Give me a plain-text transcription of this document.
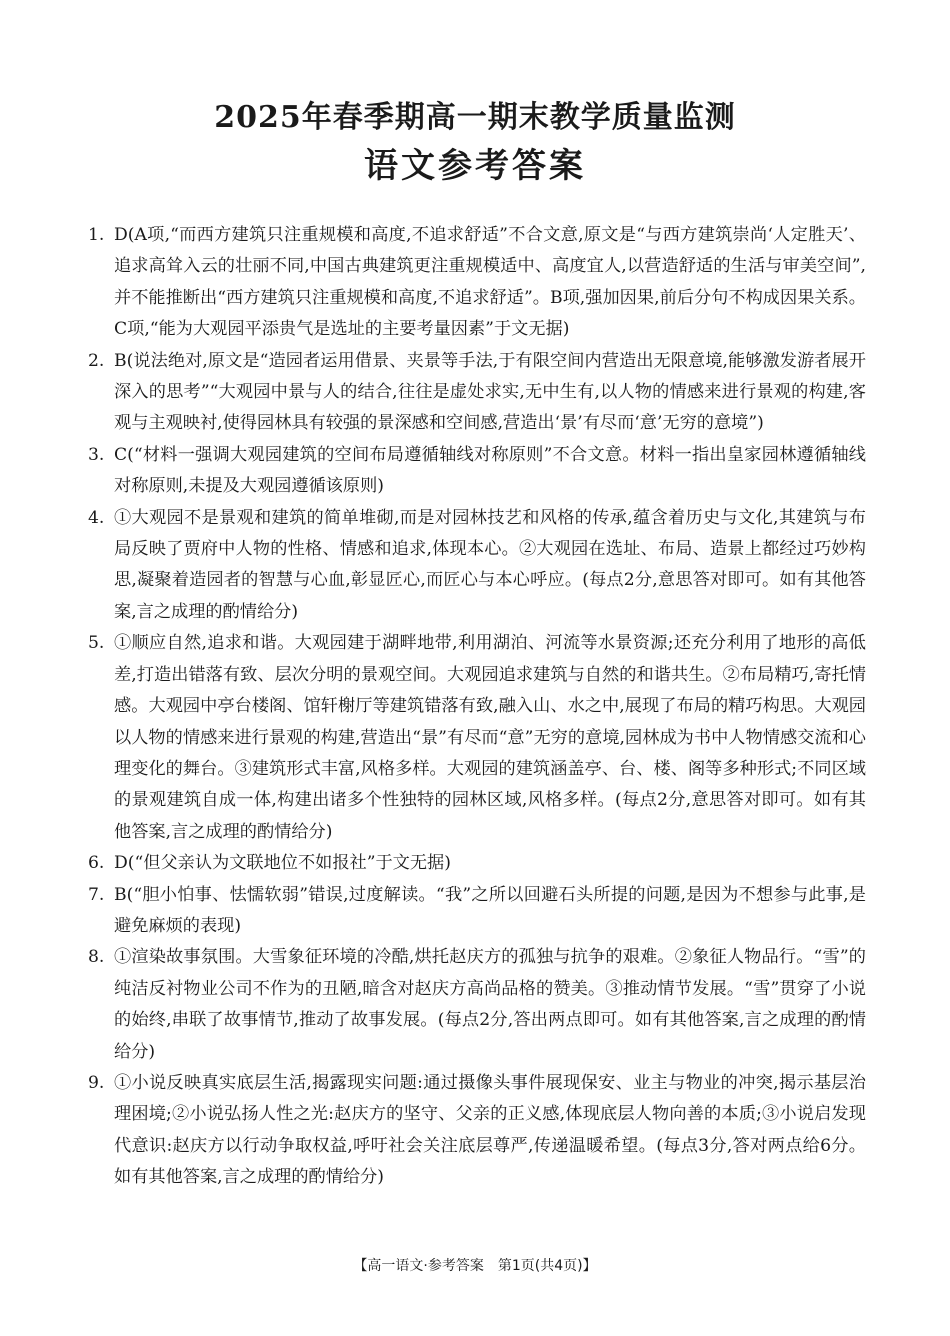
2025年春季期高一期末教学质量监测
语文参考答案
1. D(A项,“而西方建筑只注重规模和高度,不追求舒适”不合文意,原文是“与西方建筑崇尚‘人定胜天’、追求高耸入云的壮丽不同,中国古典建筑更注重规模适中、高度宜人,以营造舒适的生活与审美空间”,并不能推断出“西方建筑只注重规模和高度,不追求舒适”。B项,强加因果,前后分句不构成因果关系。C项,“能为大观园平添贵气是选址的主要考量因素”于文无据)
2. B(说法绝对,原文是“造园者运用借景、夹景等手法,于有限空间内营造出无限意境,能够激发游者展开深入的思考”“大观园中景与人的结合,往往是虚处求实,无中生有,以人物的情感来进行景观的构建,客观与主观映衬,使得园林具有较强的景深感和空间感,营造出‘景’有尽而‘意’无穷的意境”)
3. C(“材料一强调大观园建筑的空间布局遵循轴线对称原则”不合文意。材料一指出皇家园林遵循轴线对称原则,未提及大观园遵循该原则)
4. ①大观园不是景观和建筑的简单堆砌,而是对园林技艺和风格的传承,蕴含着历史与文化,其建筑与布局反映了贾府中人物的性格、情感和追求,体现本心。②大观园在选址、布局、造景上都经过巧妙构思,凝聚着造园者的智慧与心血,彰显匠心,而匠心与本心呼应。(每点2分,意思答对即可。如有其他答案,言之成理的酌情给分)
5. ①顺应自然,追求和谐。大观园建于湖畔地带,利用湖泊、河流等水景资源;还充分利用了地形的高低差,打造出错落有致、层次分明的景观空间。大观园追求建筑与自然的和谐共生。②布局精巧,寄托情感。大观园中亭台楼阁、馆轩榭厅等建筑错落有致,融入山、水之中,展现了布局的精巧构思。大观园以人物的情感来进行景观的构建,营造出“景”有尽而“意”无穷的意境,园林成为书中人物情感交流和心理变化的舞台。③建筑形式丰富,风格多样。大观园的建筑涵盖亭、台、楼、阁等多种形式;不同区域的景观建筑自成一体,构建出诸多个性独特的园林区域,风格多样。(每点2分,意思答对即可。如有其他答案,言之成理的酌情给分)
6. D(“但父亲认为文联地位不如报社”于文无据)
7. B(“胆小怕事、怯懦软弱”错误,过度解读。“我”之所以回避石头所提的问题,是因为不想参与此事,是避免麻烦的表现)
8. ①渲染故事氛围。大雪象征环境的冷酷,烘托赵庆方的孤独与抗争的艰难。②象征人物品行。“雪”的纯洁反衬物业公司不作为的丑陋,暗含对赵庆方高尚品格的赞美。③推动情节发展。“雪”贯穿了小说的始终,串联了故事情节,推动了故事发展。(每点2分,答出两点即可。如有其他答案,言之成理的酌情给分)
9. ①小说反映真实底层生活,揭露现实问题:通过摄像头事件展现保安、业主与物业的冲突,揭示基层治理困境;②小说弘扬人性之光:赵庆方的坚守、父亲的正义感,体现底层人物向善的本质;③小说启发现代意识:赵庆方以行动争取权益,呼吁社会关注底层尊严,传递温暖希望。(每点3分,答对两点给6分。如有其他答案,言之成理的酌情给分)
【高一语文·参考答案　第1页(共4页)】
